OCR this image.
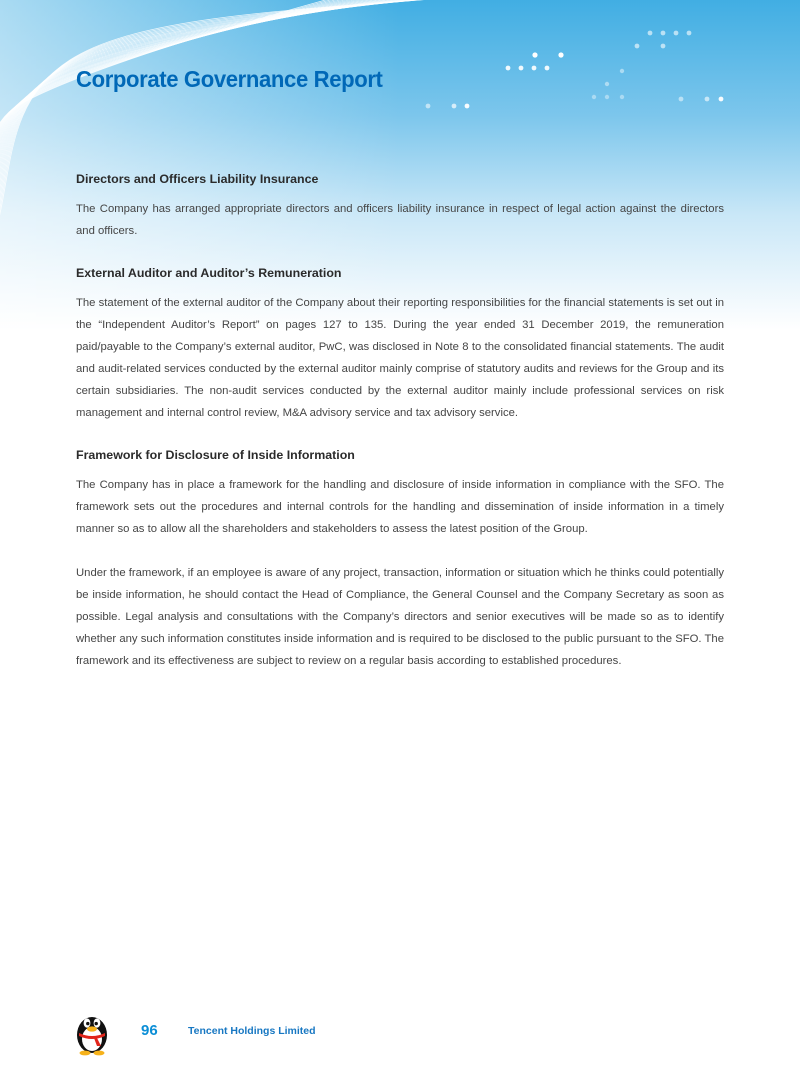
Corporate Governance Report
Directors and Officers Liability Insurance

The Company has arranged appropriate directors and officers liability insurance in respect of legal action against the directors and officers.

External Auditor and Auditor’s Remuneration

The statement of the external auditor of the Company about their reporting responsibilities for the financial statements is set out in the “Independent Auditor’s Report” on pages 127 to 135. During the year ended 31 December 2019, the remuneration paid/payable to the Company’s external auditor, PwC, was disclosed in Note 8 to the consolidated financial statements. The audit and audit-related services conducted by the external auditor mainly comprise of statutory audits and reviews for the Group and its certain subsidiaries. The non-audit services conducted by the external auditor mainly include professional services on risk management and internal control review, M&A advisory service and tax advisory service.

Framework for Disclosure of Inside Information

The Company has in place a framework for the handling and disclosure of inside information in compliance with the SFO. The framework sets out the procedures and internal controls for the handling and dissemination of inside information in a timely manner so as to allow all the shareholders and stakeholders to assess the latest position of the Group.

Under the framework, if an employee is aware of any project, transaction, information or situation which he thinks could potentially be inside information, he should contact the Head of Compliance, the General Counsel and the Company Secretary as soon as possible. Legal analysis and consultations with the Company’s directors and senior executives will be made so as to identify whether any such information constitutes inside information and is required to be disclosed to the public pursuant to the SFO. The framework and its effectiveness are subject to review on a regular basis according to established procedures.

96	Tencent Holdings Limited
